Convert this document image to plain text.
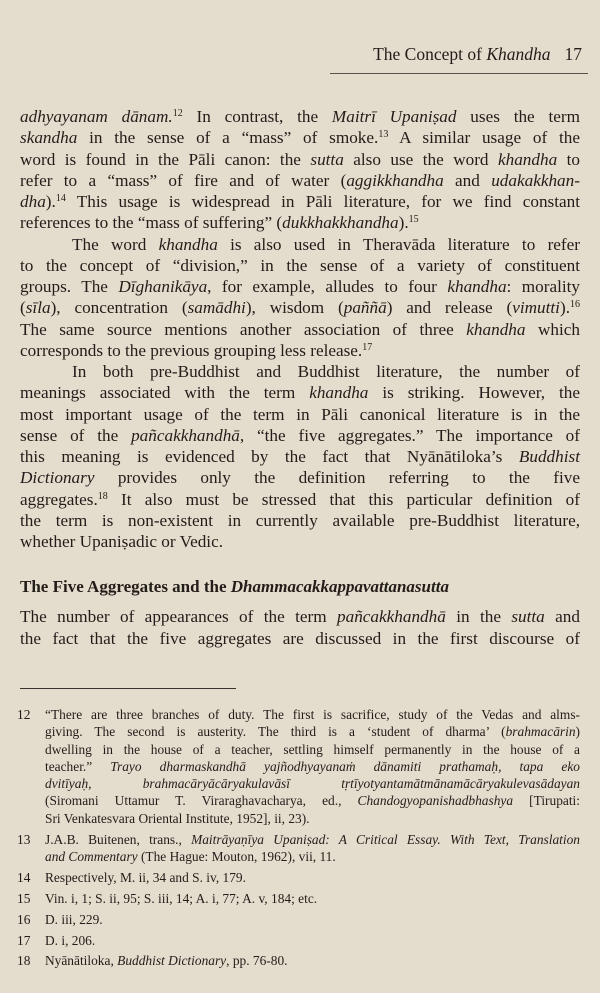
The Concept of Khandha 17
adhyayanam dānam.$^{12}$ In contrast, the Maitrī Upaniṣad uses the term
skandha in the sense of a “mass” of smoke.$^{13}$ A similar usage of the
word is found in the Pāli canon: the sutta also use the word khandha to
refer to a “mass” of fire and of water (aggikkhandha and udakakkhan-
dha).$^{14}$ This usage is widespread in Pāli literature, for we find constant
references to the “mass of suffering” (dukkhakkhandha).$^{15}$
The word khandha is also used in Theravāda literature to refer
to the concept of “division,” in the sense of a variety of constituent
groups. The Dīghanikāya, for example, alludes to four khandha: morality
(sīla), concentration (samādhi), wisdom (paññā) and release (vimutti).$^{16}$
The same source mentions another association of three khandha which
corresponds to the previous grouping less release.$^{17}$
In both pre-Buddhist and Buddhist literature, the number of
meanings associated with the term khandha is striking. However, the
most important usage of the term in Pāli canonical literature is in the
sense of the pañcakkhandhā, “the five aggregates.” The importance of
this meaning is evidenced by the fact that Nyānātiloka’s Buddhist
Dictionary provides only the definition referring to the five
aggregates.$^{18}$ It also must be stressed that this particular definition of
the term is non-existent in currently available pre-Buddhist literature,
whether Upaniṣadic or Vedic.
The Five Aggregates and the Dhammacakkappavattanasutta
The number of appearances of the term pañcakkhandhā in the sutta and
the fact that the five aggregates are discussed in the first discourse of
12 “There are three branches of duty. The first is sacrifice, study of the Vedas and alms-
giving. The second is austerity. The third is a ‘student of dharma’ (brahmacārin)
dwelling in the house of a teacher, settling himself permanently in the house of a
teacher.” Trayo dharmaskandhā yajñodhyayanaṁ dānamiti prathamaḥ, tapa eko
dvitīyaḥ, brahmacāryācāryakulavāsī tṛtīyotyantamātmānamācāryakulevasādayan
(Siromani Uttamur T. Viraraghavacharya, ed., Chandogyopanishadbhashya [Tirupati:
Sri Venkatesvara Oriental Institute, 1952], ii, 23).
13 J.A.B. Buitenen, trans., Maitrāyaṇīya Upaniṣad: A Critical Essay. With Text, Translation
and Commentary (The Hague: Mouton, 1962), vii, 11.
14 Respectively, M. ii, 34 and S. iv, 179.
15 Vin. i, 1; S. ii, 95; S. iii, 14; A. i, 77; A. v, 184; etc.
16 D. iii, 229.
17 D. i, 206.
18 Nyānātiloka, Buddhist Dictionary, pp. 76-80.
